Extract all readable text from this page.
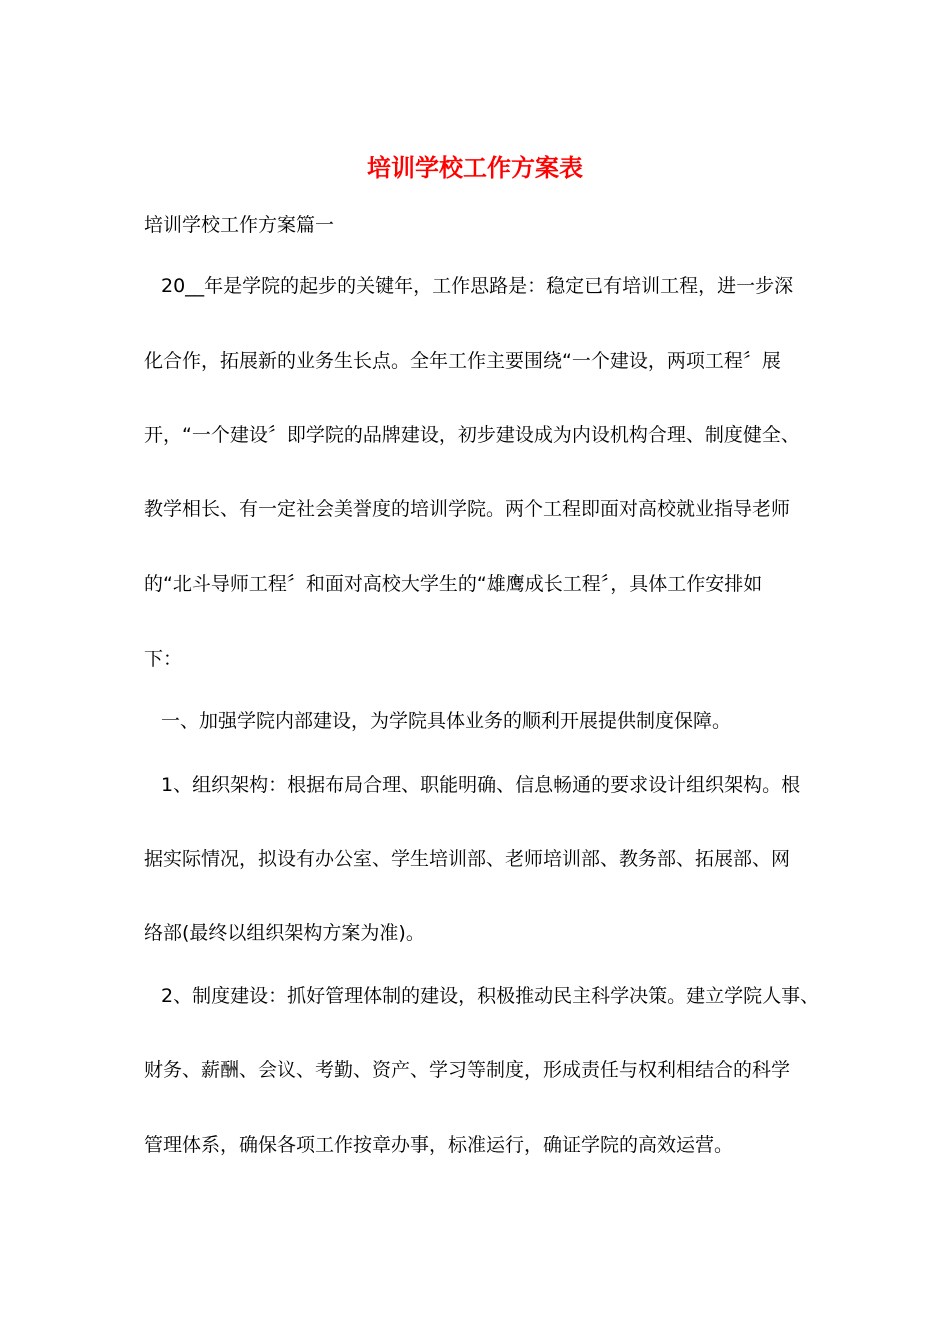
培训学校工作方案表

培训学校工作方案篇一

20__年是学院的起步的关键年，工作思路是：稳定已有培训工程，进一步深

化合作，拓展新的业务生长点。全年工作主要围绕“一个建设，两项工程〞展

开，“一个建设〞即学院的品牌建设，初步建设成为内设机构合理、制度健全、

教学相长、有一定社会美誉度的培训学院。两个工程即面对高校就业指导老师

的“北斗导师工程〞和面对高校大学生的“雄鹰成长工程〞，具体工作安排如

下：

一、加强学院内部建设，为学院具体业务的顺利开展提供制度保障。

1、组织架构：根据布局合理、职能明确、信息畅通的要求设计组织架构。根

据实际情况，拟设有办公室、学生培训部、老师培训部、教务部、拓展部、网

络部(最终以组织架构方案为准)。

2、制度建设：抓好管理体制的建设，积极推动民主科学决策。建立学院人事、

财务、薪酬、会议、考勤、资产、学习等制度，形成责任与权利相结合的科学

管理体系，确保各项工作按章办事，标准运行，确证学院的高效运营。
